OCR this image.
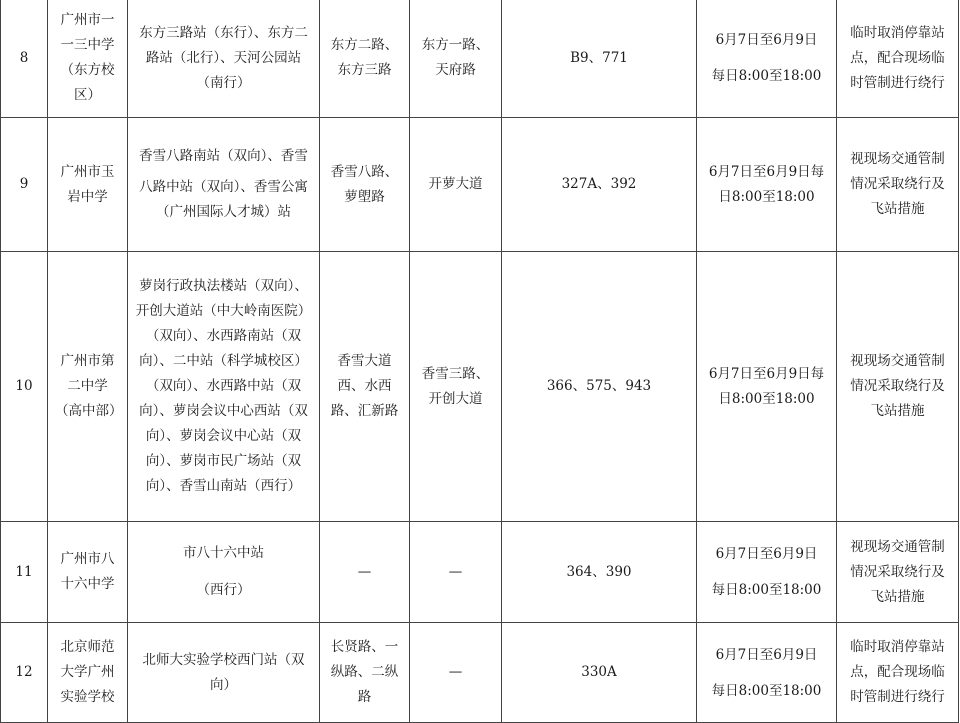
8	广州市一一三中学（东方校区）	东方三路站（东行）、东方二路站（北行）、天河公园站（南行）	东方二路、东方三路	东方一路、天府路	B9、771	6月7日至6月9日
每日8:00至18:00	临时取消停靠站点，配合现场临时管制进行绕行
9	广州市玉岩中学	香雪八路南站（双向）、香雪
八路中站（双向）、香雪公寓（广州国际人才城）站	香雪八路、萝塱路	开萝大道	327A、392	6月7日至6月9日每日8:00至18:00	视现场交通管制情况采取绕行及飞站措施
10	广州市第二中学（高中部）	萝岗行政执法楼站（双向）、开创大道站（中大岭南医院）（双向）、水西路南站（双向）、二中站（科学城校区）（双向）、水西路中站（双向）、萝岗会议中心西站（双向）、萝岗会议中心站（双向）、萝岗市民广场站（双向）、香雪山南站（西行）	香雪大道西、水西路、汇新路	香雪三路、开创大道	366、575、943	6月7日至6月9日每日8:00至18:00	视现场交通管制情况采取绕行及飞站措施
11	广州市八十六中学	市八十六中站
（西行）	—	—	364、390	6月7日至6月9日
每日8:00至18:00	视现场交通管制情况采取绕行及飞站措施
12	北京师范大学广州实验学校	北师大实验学校西门站（双向）	长贤路、一纵路、二纵路	—	330A	6月7日至6月9日
每日8:00至18:00	临时取消停靠站点，配合现场临时管制进行绕行
